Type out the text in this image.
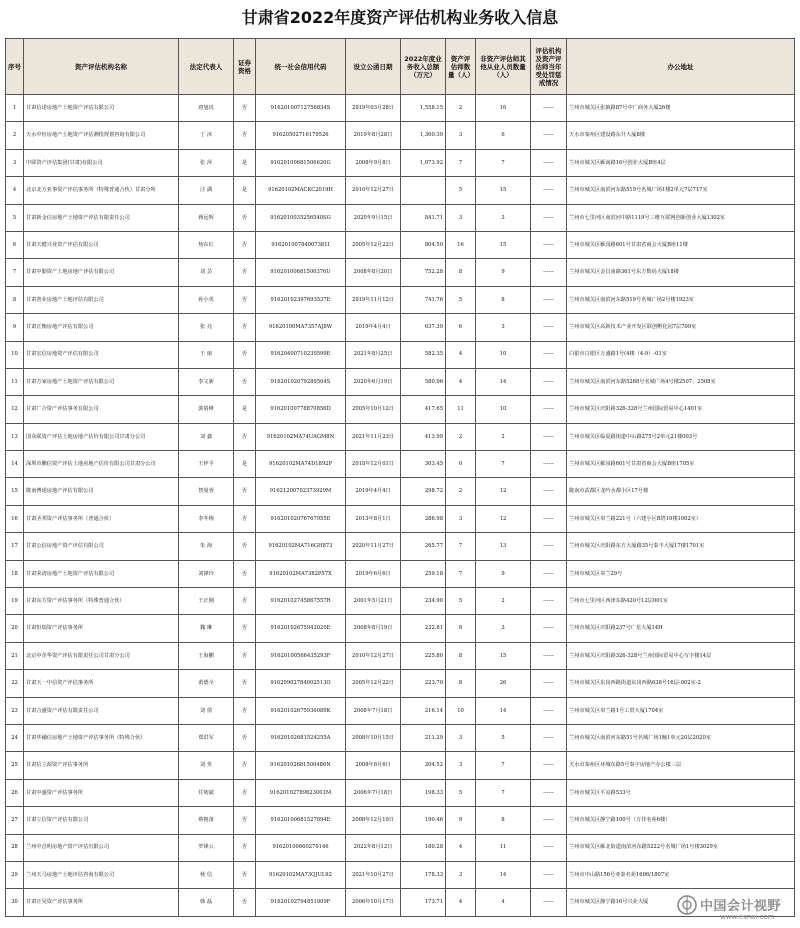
甘肃省2022年度资产评估机构业务收入信息
序号	资产评估机构名称	法定代表人	证券资格	统一社会信用代码	设立公函日期	2022年度业务收入总额（万元）	资产评估师数量（人）	非资产评估师其他从业人员数量（人）	评估机构及资产评估师当年受处罚惩戒情况	办公地址
1	甘肃信诺房地产土地资产评估有限公司	唐旭玑	否	91620100712756834S	2019年03月28日	1,558.15	2	16	------	兰州市城关区张掖路87号中广商务大厦26楼
2	天水中恒房地产土地资产评估测绘规划咨询有限公司	丁 沐	否	91620502716179526	2019年8月28日	1,360.39	3	6	------	天水市秦州区建设路东升大厦8楼
3	中联资产评估集团(甘肃)有限公司	张 萍	是	91620100681506620G	2008年9月8日	1,073.92	7	7	------	兰州市城关区雁南路16号创业大厦B座4层
4	北京北方亚事资产评估事务所（特殊普通合伙）甘肃分所	汪 湖	是	91620102MACKC2019H	2010年12月27日		5	15	------	兰州市城关区南滨河东路519号名城广场1楼2单元7层717室
5	甘肃新金信房地产土地资产评估有限责任公司	蒋远辉	否	9162010035256540SG	2020年9月15日	841.71	3	3	------	兰州市七里河区南滨河中路1119号三维互联网创新创业大厦1302室
6	甘肃天健兴业资产评估有限公司	焦东红	否	91620100784007381I	2005年12月22日	804.50	16	15	------	兰州市城关区雁园路601号甘肃省商会大厦B座11楼
7	甘肃中勤资产土地房地产评估有限公司	刘 芸	否	91620100681500376U	2008年8月20日	752.28	8	9	------	兰州市城关区金昌南路361号东方数码大厦18楼
8	甘肃善业房地产土地评估有限公司	孙小英	否	91620102397693537E	2019年11月12日	741.76	5	8	------	兰州市城关区南滨河东路519号名城广场2号楼1923室
9	甘肃正衡房地产评估有限公司	张 亮	否	91620100MA7357AJ8W	2019年4月4日	637.39	6	3	------	兰州市城关区高新技术产业开发区联创孵化园7层709室
10	甘肃宏信房地资产评估有限公司	王 丽	否	91620400710230599E	2021年8月25日	582.35	4	10	------	白银市白银区万盛路1号(4楼（4-9）-01室
11	甘肃方家房地产土地资产评估有限公司	李文新	否	91620102079289504S	2020年6月19日	580.96	4	14	------	兰州市城关区南滨河东路5268号名城广场4号楼2507、2508室
12	甘肃广合资产评估事务有限公司	郭倩峰	是	91620100778870856D	2005年10月12日	417.65	11	10	------	兰州市城关区庆阳路326-328号兰州国际贸易中心1401室
13	国众联资产评估土地房地产估价有限公司甘肃分公司	刘 鑫	否	91620102MA74UAGM8N	2021年11月23日	413.99	2	2	------	兰州市城关区临夏路街道中山路275号2单元21楼003号
14	深圳市鹏信资产评估土地房地产估价有限公司甘肃分公司	王梓平	是	91620102MA74D1892P	2018年12月01日	303.45	0	7	------	兰州市城关区雁园路601号甘肃省商会大厦B座1705室
15	陇南博通房地产评估有限公司	智曼蓉	否	91621200702373929M	2019年4月4日	298.72	2	12	------	陇南市武都区龙吟水都小区17号楼
16	甘肃圣邦资产评估事务所（普通合伙）	李冬梅	否	91620102076767955E	2013年8月1日	286.98	3	12	------	兰州市城关区皋兰路221号（六建小区B塔10楼1002室）
17	甘肃公信房地产资产评估有限公司	朱 海	否	91620102MA716GH873	2020年11月27日	265.77	7	13	------	兰州市城关区庆阳路东方大厦路35号泰丰大厦17楼1701室
18	甘肃荣清房地产土地资产评估有限公司	刘锋玲	否	91620102MA7382P57X	2019年6月6日	259.18	7	9	------	兰州市城关区皋兰29号
19	甘肃东方资产评估事务所（特殊普通合伙）	王正刚	否	91620102745867557R	2001年5月21日	234.90	5	2	------	兰州市七里河区西津东路420号12层001室
20	甘肃恒瑞资产评估事务所	魏 琳	否	91620102675942020E	2008年8月19日	232.81	8	3	------	兰州市城关区庆阳路237号广星大厦14H
21	北京中企华资产评估有限责任公司甘肃分公司	王海鹏	否	91620100566435293F	2010年12月27日	225.80	8	15	------	兰州市城关区庆阳路326-328号兰州国际贸易中心写字楼14层
22	甘肃天一中信资产评估事务所	黄德全	否	91620902784002513O	2005年12月22日	223.70	8	26	------	兰州市城关区东岗西路街道东岗西路638号16层-002室-2
23	甘肃合盛资产评估有限责任公司	刘 倩	否	91620102675936089K	2008年7月18日	216.14	10	14	------	兰州市城关区皋兰路1号工贸大厦1704室
24	甘肃华融信房地产土地资产评估事务所（特殊合伙）	郑洪军	否	91620102681524255A	2008年10月15日	211.29	3	5	------	兰州市城关区南滨河东路51号名城广场1幢1单元20层2020室
25	甘肃信立源资产评估事务所	刘 英	否	91620102681500486N	2008年8月6日	204.52	3	7	------	天水市秦州区环城东路5号秦宇房地产办公楼三层
26	甘肃中盛资产评估事务所	任韧斌	否	91620102789623001M	2006年7月18日	198.33	5	7	------	兰州市城关区平凉路533号
27	甘肃立信资产评估有限公司	蔡朝备	否	91620100681527894E	2008年12月19日	190.46	9	8	------	兰州市城关区静宁路100号（万佳名苑6楼）
28	兰州中昌明房地产资产评估有限公司	罗锋云	否	91620100660270146	2022年8月12日	180.28	4	11	------	兰州市城关区雁北街道南滨河东路5222号名城广场1号楼3029室
29	兰州天马房地产土地评估咨询有限公司	杨 信	否	91620102MA73QJUL92	2021年10月27日	178.33	3	14	------	兰州市中山路156号亚泰名苑1606/1807室
30	甘肃正昊资产评估事务所	韩 磊	否	91620102794851009F	2006年10月17日	173.71	4	4	------	兰州市城关区静宁路16号兴业大厦	中国会计视野
www.esnai.com
